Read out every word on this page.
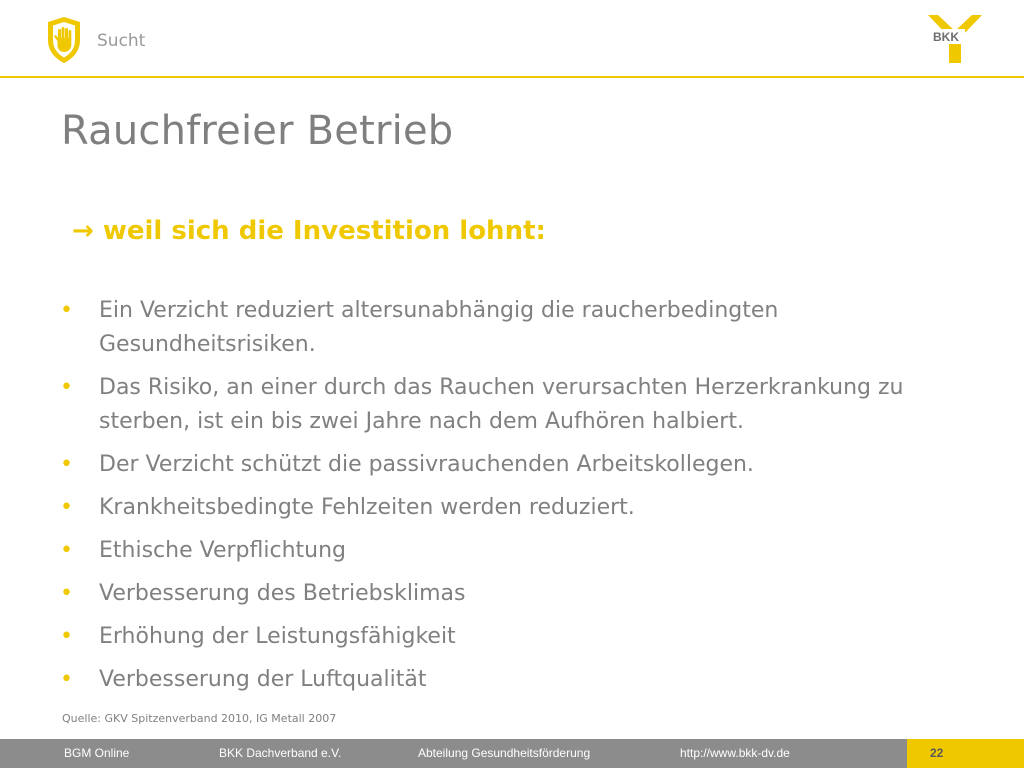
Sucht	BKK
Rauchfreier Betrieb
→ weil sich die Investition lohnt:
• Ein Verzicht reduziert altersunabhängig die raucherbedingten Gesundheitsrisiken.
• Das Risiko, an einer durch das Rauchen verursachten Herzerkrankung zu sterben, ist ein bis zwei Jahre nach dem Aufhören halbiert.
• Der Verzicht schützt die passivrauchenden Arbeitskollegen.
• Krankheitsbedingte Fehlzeiten werden reduziert.
• Ethische Verpflichtung
• Verbesserung des Betriebsklimas
• Erhöhung der Leistungsfähigkeit
• Verbesserung der Luftqualität
Quelle: GKV Spitzenverband 2010, IG Metall 2007
BGM Online	BKK Dachverband e.V.	Abteilung Gesundheitsförderung	http://www.bkk-dv.de	22
